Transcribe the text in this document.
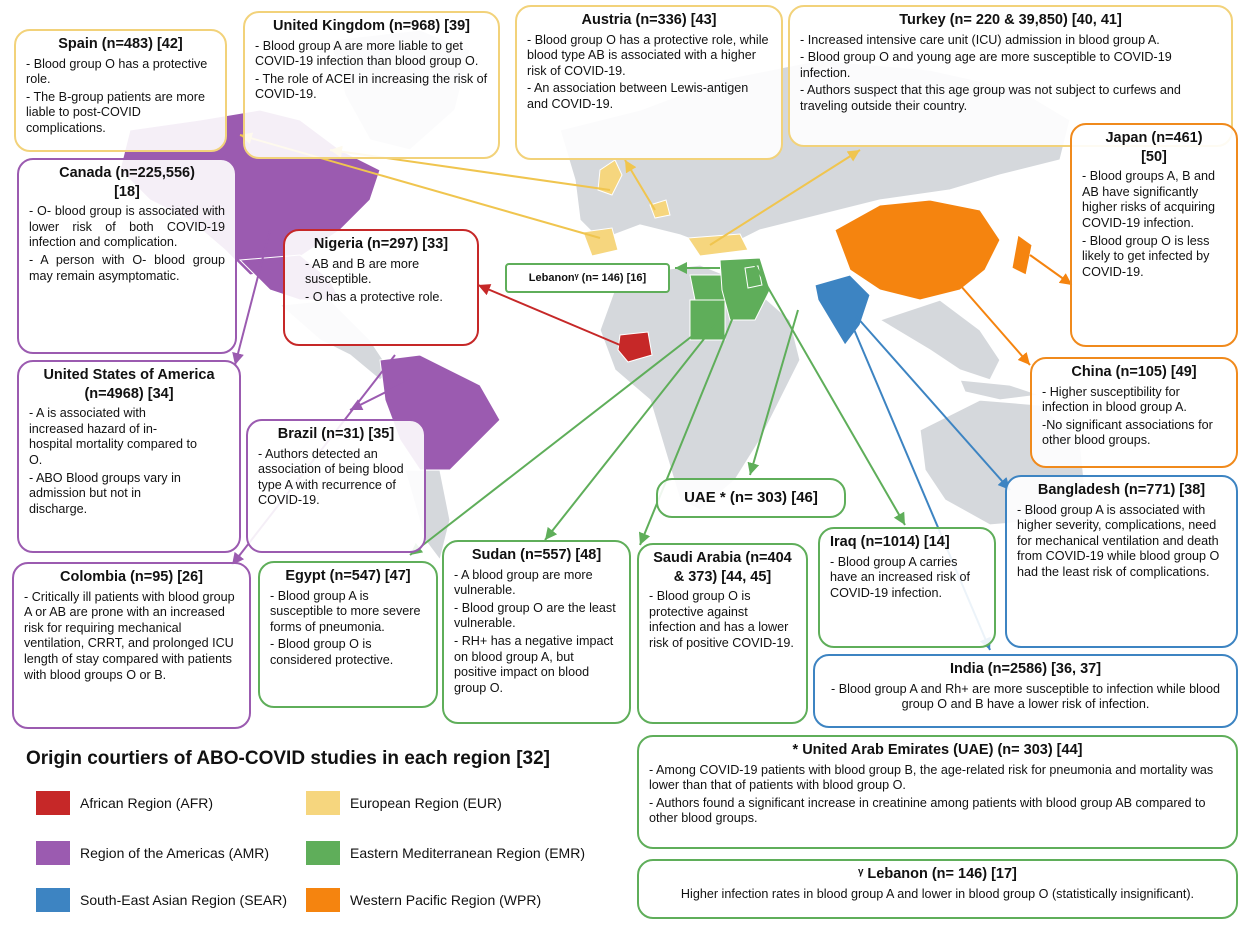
Spain (n=483) [42]
- Blood group O has a protective role.
- The B-group patients are more liable to post-COVID complications.
United Kingdom (n=968) [39]
- Blood group A are more liable to get COVID-19 infection than blood group O.
- The role of ACEI in increasing the risk of COVID-19.
Austria (n=336) [43]
- Blood group O has a protective role, while blood type AB is associated with a higher risk of COVID-19.
- An association between Lewis-antigen and COVID-19.
Turkey (n= 220 & 39,850) [40, 41]
- Increased intensive care unit (ICU) admission in blood group A.
- Blood group O and young age are more susceptible to COVID-19 infection.
- Authors suspect that this age group was not subject to curfews and traveling outside their country.
Canada (n=225,556)[18]
- O- blood group is associated with lower risk of both COVID-19 infection and complication.
- A person with O- blood group may remain asymptomatic.
Nigeria (n=297) [33]
- AB and B are more susceptible.
- O has a protective role.
Lebanonᵞ (n= 146) [16]
Japan (n=461) [50]
- Blood groups A, B and AB have significantly higher risks of acquiring COVID-19 infection.
- Blood group O is less likely to get infected by COVID-19.
United States of America (n=4968) [34]
- A is associated with increased hazard of in-hospital mortality compared to O.
- ABO Blood groups vary in admission but not in discharge.
Brazil (n=31) [35]
- Authors detected an association of being blood type A with recurrence of COVID-19.
China (n=105) [49]
- Higher susceptibility for infection in blood group A.
-No significant associations for other blood groups.
UAE * (n= 303) [46]	Bangladesh (n=771) [38]
- Blood group A is associated with higher severity, complications, need for mechanical ventilation and death from COVID-19 while blood group O had the least risk of complications.
Colombia (n=95) [26]
- Critically ill patients with blood group A or AB are prone with an increased risk for requiring mechanical ventilation, CRRT, and prolonged ICU length of stay compared with patients with blood groups O or B.
Egypt (n=547) [47]
- Blood group A is susceptible to more severe forms of pneumonia.
- Blood group O is considered protective.
Sudan (n=557) [48]
- A blood group are more vulnerable.
- Blood group O are the least vulnerable.
- RH+ has a negative impact on blood group A, but positive impact on blood group O.
Saudi Arabia (n=404 & 373) [44, 45]
- Blood group O is protective against infection and has a lower risk of positive COVID-19.
Iraq (n=1014) [14]
- Blood group A carries have an increased risk of COVID-19 infection.
India (n=2586) [36, 37]
- Blood group A and Rh+ are more susceptible to infection while blood group O and B have a lower risk of infection.
* United Arab Emirates (UAE) (n= 303) [44]
- Among COVID-19 patients with blood group B, the age-related risk for pneumonia and mortality was lower than that of patients with blood group O.
- Authors found a significant increase in creatinine among patients with blood group AB compared to other blood groups.
ᵞ Lebanon (n= 146) [17]
Higher infection rates in blood group A and lower in blood group O (statistically insignificant).
Origin courtiers of ABO-COVID studies in each region [32]
African Region (AFR)	European Region (EUR)
Region of the Americas (AMR)	Eastern Mediterranean Region (EMR)
South-East Asian Region (SEAR)	Western Pacific Region (WPR)
